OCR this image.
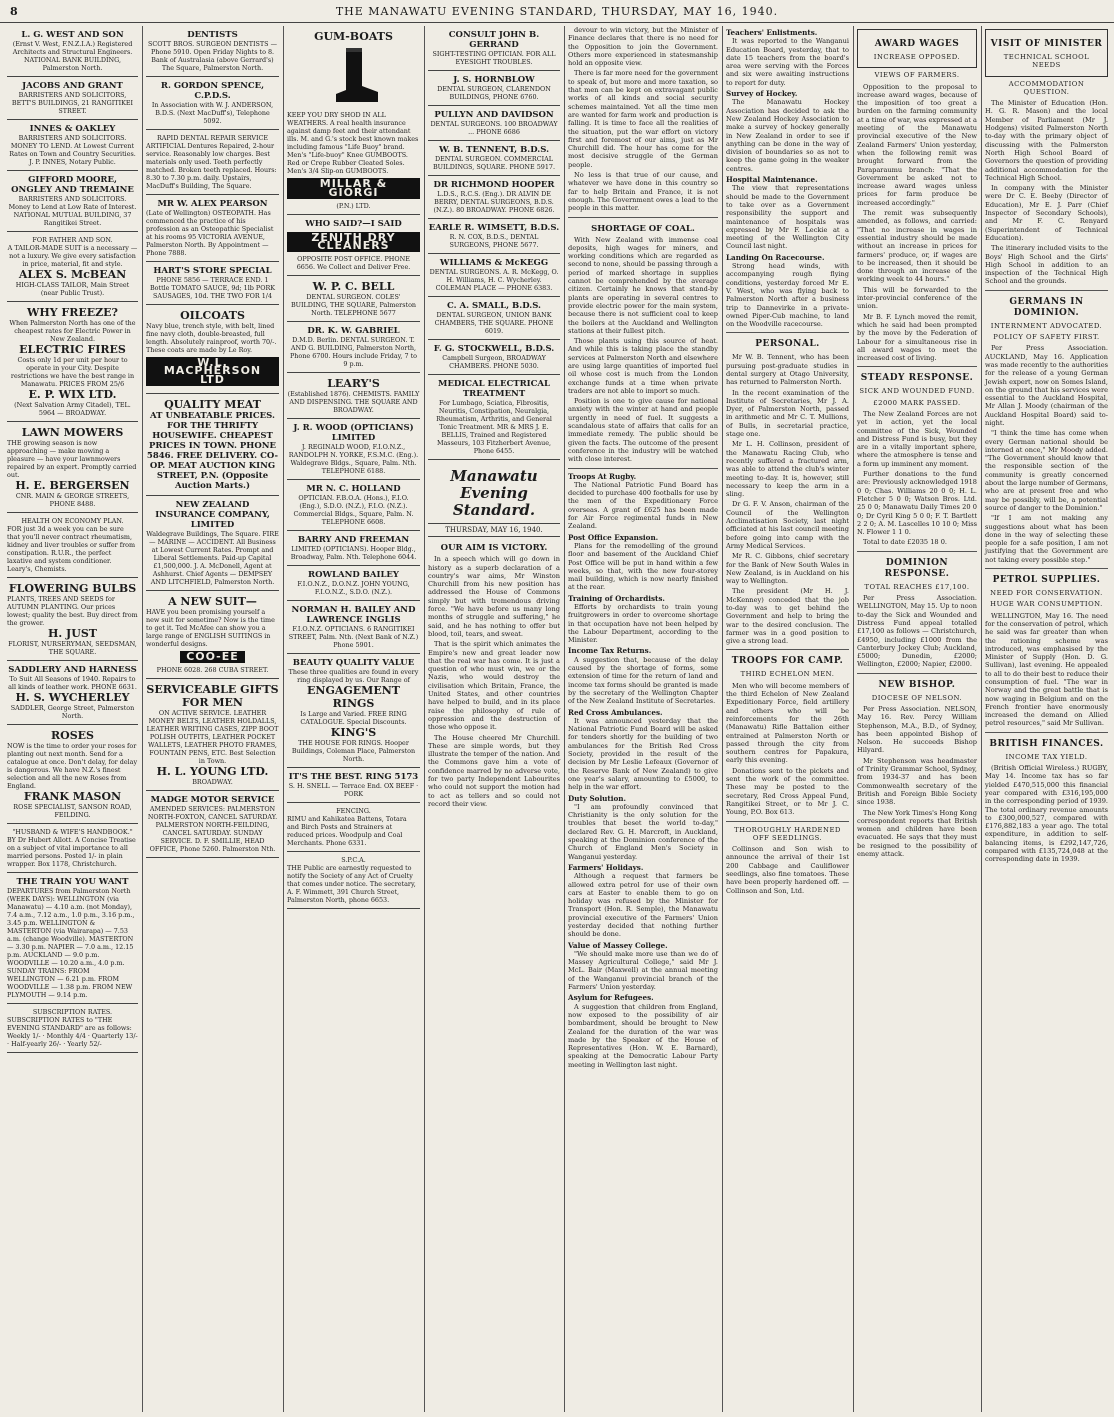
8	THE MANAWATU EVENING STANDARD, THURSDAY, MAY 16, 1940.
L. G. WEST AND SON
(Ernst V. West, F.N.Z.I.A.) Registered Architects and Structural Engineers. NATIONAL BANK BUILDING, Palmerston North.
JACOBS AND GRANT
BARRISTERS AND SOLICITORS, BETT'S BUILDINGS, 21 RANGITIKEI STREET.
INNES & OAKLEY
BARRISTERS AND SOLICITORS. MONEY TO LEND. At Lowest Current Rates on Town and Country Securities. J. P. INNES, Notary Public.
GIFFORD MOORE, ONGLEY AND TREMAINE
BARRISTERS AND SOLICITORS. Money to Lend at Low Rate of Interest. NATIONAL MUTUAL BUILDING, 37 Rangitikei Street.
FOR FATHER AND SON.
A TAILOR-MADE SUIT is a necessary — not a luxury. We give every satisfaction in price, material, fit and style.
ALEX S. McBEAN
HIGH-CLASS TAILOR, Main Street (near Public Trust).
WHY FREEZE?
When Palmerston North has one of the cheapest rates for Electric Power in New Zealand.
ELECTRIC FIRES
Costs only 1d per unit per hour to operate in your City. Despite restrictions we have the best range in Manawatu. PRICES FROM 25/6
E. P. WIX LTD.
(Next Salvation Army Citadel), TEL. 5964 — BROADWAY.
LAWN MOWERS
THE growing season is now approaching — make mowing a pleasure — have your lawnmowers repaired by an expert. Promptly carried out.
H. E. BERGERSEN
CNR. MAIN & GEORGE STREETS, PHONE 8488.
HEALTH ON ECONOMY PLAN.
FOR just 3d a week you can be sure that you'll never contract rheumatism, kidney and liver troubles or suffer from constipation. R.U.R., the perfect laxative and system conditioner. Leary's, Chemists.
FLOWERING BULBS
PLANTS, TREES AND SEEDS for AUTUMN PLANTING. Our prices lowest; quality the best. Buy direct from the grower.
H. JUST
FLORIST, NURSERYMAN, SEEDSMAN, THE SQUARE.
SADDLERY AND HARNESS
To Suit All Seasons of 1940. Repairs to all kinds of leather work. PHONE 6631.
H. S. WYCHERLEY
SADDLER, George Street, Palmerston North.
ROSES
NOW is the time to order your roses for planting out next month. Send for a catalogue at once. Don't delay, for delay is dangerous. We have N.Z.'s finest selection and all the new Roses from England.
FRANK MASON
ROSE SPECIALIST, SANSON ROAD, FEILDING.
"HUSBAND & WIFE'S HANDBOOK."
BY Dr Hubert Allott. A Concise Treatise on a subject of vital importance to all married persons. Posted 1/- in plain wrapper. Box 1178, Christchurch.
THE TRAIN YOU WANT
DEPARTURES from Palmerston North (WEEK DAYS): WELLINGTON (via Manawatu) — 4.10 a.m. (not Monday), 7.4 a.m., 7.12 a.m., 1.0 p.m., 3.16 p.m., 3.45 p.m. WELLINGTON & MASTERTON (via Wairarapa) — 7.53 a.m. (change Woodville). MASTERTON — 3.30 p.m. NAPIER — 7.0 a.m., 12.15 p.m. AUCKLAND — 9.0 p.m. WOODVILLE — 10.20 a.m., 4.0 p.m. SUNDAY TRAINS: FROM WELLINGTON — 6.21 p.m. FROM WOODVILLE — 1.38 p.m. FROM NEW PLYMOUTH — 9.14 p.m.
SUBSCRIPTION RATES.
SUBSCRIPTION RATES to "THE EVENING STANDARD" are as follows: Weekly 1/- · Monthly 4/4 · Quarterly 13/- · Half-yearly 26/- · Yearly 52/-
DENTISTS
SCOTT BROS. SURGEON DENTISTS — Phone 5910. Open Friday Nights to 8. Bank of Australasia (above Gerrard's) The Square, Palmerston North.
R. GORDON SPENCE, C.P.D.S.
In Association with W. J. ANDERSON, B.D.S. (Next MacDuff's), Telephone 5092.
RAPID DENTAL REPAIR SERVICE
ARTIFICIAL Dentures Repaired, 2-hour service. Reasonably low charges. Best materials only used. Teeth perfectly matched. Broken teeth replaced. Hours: 8.30 to 7.30 p.m. daily. Upstairs, MacDuff's Building, The Square.
MR W. ALEX PEARSON
(Late of Wellington) OSTEOPATH. Has commenced the practice of his profession as an Osteopathic Specialist at his rooms 95 VICTORIA AVENUE, Palmerston North. By Appointment — Phone 7888.
HART'S STORE SPECIAL
PHONE 5856 — TERRACE END. 1 Bottle TOMATO SAUCE, 9d; 1lb PORK SAUSAGES, 10d. THE TWO FOR 1/4
OILCOATS
Navy blue, trench style, with belt, lined fine navy cloth, double-breasted, full length. Absolutely rainproof, worth 70/-. These coats are made by Le Roy.
W.L. MACPHERSON LTD
QUALITY MEAT
AT UNBEATABLE PRICES. FOR THE THRIFTY HOUSEWIFE. CHEAPEST PRICES IN TOWN. PHONE 5846. FREE DELIVERY. CO-OP. MEAT AUCTION KING STREET, P.N. (Opposite Auction Marts.)
NEW ZEALAND INSURANCE COMPANY, LIMITED
Waldegrave Buildings, The Square. FIRE — MARINE — ACCIDENT. All Business at Lowest Current Rates. Prompt and Liberal Settlements. Paid-up Capital £1,500,000. J. A. McDonell, Agent at Ashhurst. Chief Agents — DEMPSEY AND LITCHFIELD, Palmerston North.
A NEW SUIT—
HAVE you been promising yourself a new suit for sometime? Now is the time to get it. Ted McAfee can show you a large range of ENGLISH SUITINGS in wonderful designs.
COO-EE
PHONE 6028. 268 CUBA STREET.
SERVICEABLE GIFTS FOR MEN
ON ACTIVE SERVICE. LEATHER MONEY BELTS, LEATHER HOLDALLS, LEATHER WRITING CASES, ZIPP BOOT POLISH OUTFITS, LEATHER POCKET WALLETS, LEATHER PHOTO FRAMES, FOUNTAIN PENS, ETC. Best Selection in Town.
H. L. YOUNG LTD.
BROADWAY.
MADGE MOTOR SERVICE
AMENDED SERVICES: PALMERSTON NORTH-FOXTON, CANCEL SATURDAY. PALMERSTON NORTH-FEILDING, CANCEL SATURDAY. SUNDAY SERVICE. D. F. SMILLIE, HEAD OFFICE, Phone 5260. Palmerston Nth.
GUM-BOATS
KEEP YOU DRY SHOD IN ALL WEATHERS. A real health insurance against damp feet and their attendant ills. M. and G.'s stock best known makes including famous "Life Buoy" brand. Men's "Life-buoy" Knee GUMBOOTS. Red or Crepe Rubber Cleated Soles. Men's 3/4 Slip-on GUMBOOTS.
MILLAR & GIORGI
(P.N.) LTD.
WHO SAID?—I SAID
ZENITH DRY CLEANERS
OPPOSITE POST OFFICE. PHONE 6656. We Collect and Deliver Free.
W. P. C. BELL
DENTAL SURGEON. COLES' BUILDING, THE SQUARE, Palmerston North. TELEPHONE 5677
DR. K. W. GABRIEL
D.M.D. Berlin. DENTAL SURGEON. T. AND G. BUILDING, Palmerston North, Phone 6700. Hours include Friday, 7 to 9 p.m.
LEARY'S
(Established 1876). CHEMISTS. FAMILY AND DISPENSING. THE SQUARE AND BROADWAY.
J. R. WOOD (OPTICIANS) LIMITED
J. REGINALD WOOD, F.I.O.N.Z., RANDOLPH N. YORKE, F.S.M.C. (Eng.). Waldegrave Bldgs., Square, Palm. Nth. TELEPHONE 6188.
MR N. C. HOLLAND
OPTICIAN. F.B.O.A. (Hons.), F.I.O. (Eng.), S.D.O. (N.Z.), F.I.O. (N.Z.). Commercial Bldgs., Square, Palm. N. TELEPHONE 6608.
BARRY AND FREEMAN
LIMITED (OPTICIANS). Hooper Bldg., Broadway, Palm. Nth. Telephone 6044.
ROWLAND BAILEY
F.I.O.N.Z., D.O.N.Z. JOHN YOUNG, F.I.O.N.Z., S.D.O. (N.Z.).
NORMAN H. BAILEY AND LAWRENCE INGLIS
F.I.O.N.Z. OPTICIANS. 6 RANGITIKEI STREET, Palm. Nth. (Next Bank of N.Z.) Phone 5901.
BEAUTY QUALITY VALUE
These three qualities are found in every ring displayed by us. Our Range of
ENGAGEMENT RINGS
Is Large and Varied. FREE RING CATALOGUE. Special Discounts.
KING'S
THE HOUSE FOR RINGS. Hooper Buildings, Coleman Place, Palmerston North.
IT'S THE BEST. RING 5173
S. H. SNELL — Terrace End. OX BEEF · PORK
FENCING.
RIMU and Kahikatea Battens, Totara and Birch Posts and Strainers at reduced prices. Woodpulp and Coal Merchants. Phone 6331.
S.P.C.A.
THE Public are earnestly requested to notify the Society of any Act of Cruelty that comes under notice. The secretary, A. F. Wimmett, 391 Church Street, Palmerston North, phone 6653.
CONSULT JOHN B. GERRAND
SIGHT-TESTING OPTICIAN. FOR ALL EYESIGHT TROUBLES.
J. S. HORNBLOW
DENTAL SURGEON, CLARENDON BUILDINGS, PHONE 6760.
PULLYN AND DAVIDSON
DENTAL SURGEONS. 100 BROADWAY ... PHONE 6686
W. B. TENNENT, B.D.S.
DENTAL SURGEON. COMMERCIAL BUILDINGS, SQUARE. PHONE 5917.
DR RICHMOND HOOPER
L.D.S., R.C.S. (Eng.). DR ALVIN DE BERRY, DENTAL SURGEONS, B.D.S. (N.Z.). 80 BROADWAY. PHONE 6826.
EARLE R. WIMSETT, B.D.S.
R. N. COX, B.D.S., DENTAL SURGEONS, PHONE 5677.
WILLIAMS & McKEGG
DENTAL SURGEONS. A. R. McKegg, O. H. Williams, H. C. Wycherley. COLEMAN PLACE — PHONE 6383.
C. A. SMALL, B.D.S.
DENTAL SURGEON, UNION BANK CHAMBERS, THE SQUARE. PHONE 6019.
F. G. STOCKWELL, B.D.S.
Campbell Surgeon, BROADWAY CHAMBERS. PHONE 5030.
MEDICAL ELECTRICAL TREATMENT
For Lumbago, Sciatica, Fibrositis, Neuritis, Constipation, Neuralgia, Rheumatism, Arthritis, and General Tonic Treatment. MR & MRS J. E. BELLIS, Trained and Registered Masseurs, 103 Fitzherbert Avenue, Phone 6455.
Manawatu Evening Standard.
THURSDAY, MAY 16, 1940.
OUR AIM IS VICTORY.

In a speech which will go down in history as a superb declaration of a country's war aims, Mr Winston Churchill from his new position has addressed the House of Commons simply but with tremendous driving force. "We have before us many long months of struggle and suffering," he said, and he has nothing to offer but blood, toil, tears, and sweat.

That is the spirit which animates the Empire's new and great leader now that the real war has come. It is just a question of who must win, we or the Nazis, who would destroy the civilisation which Britain, France, the United States, and other countries have helped to build, and in its place raise the philosophy of rule of oppression and the destruction of those who oppose it.

The House cheered Mr Churchill. These are simple words, but they illustrate the temper of the nation. And the Commons gave him a vote of confidence marred by no adverse vote, for two party Independent Labourites who could not support the motion had to act as tellers and so could not record their view.

devour to win victory, but the Minister of Finance declares that there is no need for the Opposition to join the Government. Others more experienced in statesmanship hold an opposite view.

There is far more need for the government to speak of, but more and more taxation, so that men can be kept on extravagant public works of all kinds and social security schemes maintained. Yet all the time men are wanted for farm work and production is falling. It is time to face all the realities of the situation, put the war effort on victory first and foremost of our aims, just as Mr Churchill did. The hour has come for the most decisive struggle of the German people.

No less is that true of our cause, and whatever we have done in this country so far to help Britain and France, it is not enough. The Government owes a lead to the people in this matter.

SHORTAGE OF COAL.

With New Zealand with immense coal deposits, high wages for miners, and working conditions which are regarded as second to none, should be passing through a period of marked shortage in supplies cannot be comprehended by the average citizen. Certainly he knows that stand-by plants are operating in several centres to provide electric power for the main system, because there is not sufficient coal to keep the boilers at the Auckland and Wellington stations at their fullest pitch.

Those plants using this source of heat. And while this is taking place the standby services at Palmerston North and elsewhere are using large quantities of imported fuel oil whose cost is much from the London exchange funds at a time when private traders are not able to import so much.

Position is one to give cause for national anxiety with the winter at hand and people urgently in need of fuel. It suggests a scandalous state of affairs that calls for an immediate remedy. The public should be given the facts. The outcome of the present conference in the industry will be watched with close interest.

Troops At Rugby.

The National Patriotic Fund Board has decided to purchase 400 footballs for use by the men of the Expeditionary Force overseas. A grant of £625 has been made for Air Force regimental funds in New Zealand.

Post Office Expansion.

Plans for the remodelling of the ground floor and basement of the Auckland Chief Post Office will be put in hand within a few weeks, so that, with the new four-storey mail building, which is now nearly finished at the rear.

Training of Orchardists.

Efforts by orchardists to train young fruitgrowers in order to overcome shortage in that occupation have not been helped by the Labour Department, according to the Minister.

Income Tax Returns.

A suggestion that, because of the delay caused by the shortage of forms, some extension of time for the return of land and income tax forms should be granted is made by the secretary of the Wellington Chapter of the New Zealand Institute of Secretaries.

Red Cross Ambulances.

It was announced yesterday that the National Patriotic Fund Board will be asked for tenders shortly for the building of two ambulances for the British Red Cross Society, provided in the result of the decision by Mr Leslie Lefeaux (Governor of the Reserve Bank of New Zealand) to give one year's salary, amounting to £5000, to help in the war effort.

Duty Solution.

"I am profoundly convinced that Christianity is the only solution for the troubles that beset the world to-day," declared Rev. G. H. Marcroft, in Auckland, speaking at the Dominion conference of the Church of England Men's Society in Wanganui yesterday.

Farmers' Holidays.

Although a request that farmers be allowed extra petrol for use of their own cars at Easter to enable them to go on holiday was refused by the Minister for Transport (Hon. R. Semple), the Manawatu provincial executive of the Farmers' Union yesterday decided that nothing further should be done.

Value of Massey College.

"We should make more use than we do of Massey Agricultural College," said Mr J. McL. Bair (Maxwell) at the annual meeting of the Wanganui provincial branch of the Farmers' Union yesterday.

Asylum for Refugees.

A suggestion that children from England, now exposed to the possibility of air bombardment, should be brought to New Zealand for the duration of the war was made by the Speaker of the House of Representatives (Hon. W. E. Barnard), speaking at the Democratic Labour Party meeting in Wellington last night.

Teachers' Enlistments.

It was reported to the Wanganui Education Board, yesterday, that to date 15 teachers from the board's area were serving with the Forces and six were awaiting instructions to report for duty.

Survey of Hockey.

The Manawatu Hockey Association has decided to ask the New Zealand Hockey Association to make a survey of hockey generally in New Zealand in order to see if anything can be done in the way of division of boundaries so as not to keep the game going in the weaker centres.

Hospital Maintenance.

The view that representations should be made to the Government to take over as a Government responsibility the support and maintenance of hospitals was expressed by Mr F. Leckie at a meeting of the Wellington City Council last night.

Landing On Racecourse.

Strong head winds, with accompanying rough flying conditions, yesterday forced Mr E. V. West, who was flying back to Palmerston North after a business trip to Dannevirke in a private-owned Piper-Cub machine, to land on the Woodville racecourse.

PERSONAL.

Mr W. B. Tennent, who has been pursuing post-graduate studies in dental surgery at Otago University, has returned to Palmerston North.

In the recent examination of the Institute of Secretaries, Mr J. A. Dyer, of Palmerston North, passed in arithmetic and Mr C. T. Mullions, of Bulls, in secretarial practice, stage one.

Mr L. H. Collinson, president of the Manawatu Racing Club, who recently suffered a fractured arm, was able to attend the club's winter meeting to-day. It is, however, still necessary to keep the arm in a sling.

Dr G. F. V. Anson, chairman of the Council of the Wellington Acclimatisation Society, last night officiated at his last council meeting before going into camp with the Army Medical Services.

Mr R. C. Gibbons, chief secretary for the Bank of New South Wales in New Zealand, is in Auckland on his way to Wellington.

The president (Mr H. J. McKenney) conceded that the job to-day was to get behind the Government and help to bring the war to the desired conclusion. The farmer was in a good position to give a strong lead.

TROOPS FOR CAMP.
THIRD ECHELON MEN.

Men who will become members of the third Echelon of New Zealand Expeditionary Force, field artillery and others who will be reinforcements for the 26th (Manawatu) Rifle Battalion either entrained at Palmerston North or passed through the city from southern centres for Papakura, early this evening.

Donations sent to the pickets and sent the work of the committee. These may be posted to the secretary, Red Cross Appeal Fund, Rangitikei Street, or to Mr J. C. Young, P.O. Box 613.

THOROUGHLY HARDENED OFF SEEDLINGS.

Collinson and Son wish to announce the arrival of their 1st 200 Cabbage and Cauliflower seedlings, also fine tomatoes. These have been properly hardened off. — Collinson and Son, Ltd.

AWARD WAGES
INCREASE OPPOSED.
VIEWS OF FARMERS.

Opposition to the proposal to increase award wages, because of the imposition of too great a burden on the farming community at a time of war, was expressed at a meeting of the Manawatu provincial executive of the New Zealand Farmers' Union yesterday, when the following remit was brought forward from the Paraparaumu branch: "That the Government be asked not to increase award wages unless prices for farm produce be increased accordingly."

The remit was subsequently amended, as follows, and carried: "That no increase in wages in essential industry should be made without an increase in prices for farmers' produce, or, if wages are to be increased, then it should be done through an increase of the working week to 44 hours."

This will be forwarded to the inter-provincial conference of the union.

Mr B. F. Lynch moved the remit, which he said had been prompted by the move by the Federation of Labour for a simultaneous rise in all award wages to meet the increased cost of living.

STEADY RESPONSE.
SICK AND WOUNDED FUND.
£2000 MARK PASSED.

The New Zealand Forces are not yet in action, yet the local committee of the Sick, Wounded and Distress Fund is busy, but they are in a vitally important sphere, where the atmosphere is tense and a form up imminent any moment.

Further donations to the fund are: Previously acknowledged 1918 0 0; Chas. Williams 20 0 0; H. L. Fletcher 5 0 0; Watson Bros. Ltd. 25 0 0; Manawatu Daily Times 20 0 0; Dr Cyril King 5 0 0; F. T. Bartlett 2 2 0; A. M. Lascelles 10 10 0; Miss N. Flower 1 1 0.

Total to date £2035 18 0.

DOMINION RESPONSE.
TOTAL REACHES £17,100.

Per Press Association. WELLINGTON, May 15. Up to noon to-day the Sick and Wounded and Distress Fund appeal totalled £17,100 as follows — Christchurch, £4950, including £1000 from the Canterbury Jockey Club; Auckland, £5000; Dunedin, £2000; Wellington, £2000; Napier, £2000.

NEW BISHOP.
DIOCESE OF NELSON.

Per Press Association. NELSON, May 16. Rev. Percy William Stephenson, M.A., B.D., of Sydney, has been appointed Bishop of Nelson. He succeeds Bishop Hilyard.

Mr Stephenson was headmaster of Trinity Grammar School, Sydney, from 1934-37 and has been Commonwealth secretary of the British and Foreign Bible Society since 1938.

The New York Times's Hong Kong correspondent reports that British women and children have been evacuated. He says that they must be resigned to the possibility of enemy attack.

VISIT OF MINISTER
TECHNICAL SCHOOL NEEDS
ACCOMMODATION QUESTION.

The Minister of Education (Hon. H. G. R. Mason) and the local Member of Parliament (Mr J. Hodgens) visited Palmerston North to-day with the primary object of discussing with the Palmerston North High School Board of Governors the question of providing additional accommodation for the Technical High School.

In company with the Minister were Dr C. E. Beeby (Director of Education), Mr E. J. Parr (Chief Inspector of Secondary Schools), and Mr F. C. Renyard (Superintendent of Technical Education).

The itinerary included visits to the Boys' High School and the Girls' High School in addition to an inspection of the Technical High School and the grounds.

GERMANS IN DOMINION.
INTERNMENT ADVOCATED.
POLICY OF SAFETY FIRST.

Per Press Association. AUCKLAND, May 16. Application was made recently to the authorities for the release of a young German Jewish expert, now on Somes Island, on the ground that his services were essential to the Auckland Hospital, Mr Allan J. Moody (chairman of the Auckland Hospital Board) said to-night.

"I think the time has come when every German national should be interned at once," Mr Moody added. "The Government should know that the responsible section of the community is greatly concerned about the large number of Germans, who are at present free and who may be possibly, will be, a potential source of danger to the Dominion."

"If I am not making any suggestions about what has been done in the way of selecting these people for a safe position, I am not justifying that the Government are not taking every possible step."

PETROL SUPPLIES.
NEED FOR CONSERVATION.
HUGE WAR CONSUMPTION.

WELLINGTON, May 16. The need for the conservation of petrol, which he said was far greater than when the rationing scheme was introduced, was emphasised by the Minister of Supply (Hon. D. G. Sullivan), last evening. He appealed to all to do their best to reduce their consumption of fuel. "The war in Norway and the great battle that is now waging in Belgium and on the French frontier have enormously increased the demand on Allied petrol resources," said Mr Sullivan.

BRITISH FINANCES.
INCOME TAX YIELD.

(British Official Wireless.) RUGBY, May 14. Income tax has so far yielded £470,515,000 this financial year compared with £316,195,000 in the corresponding period of 1939. The total ordinary revenue amounts to £300,000,527, compared with £176,882,183 a year ago. The total expenditure, in addition to self-balancing items, is £292,147,726, compared with £135,724,048 at the corresponding date in 1939.
